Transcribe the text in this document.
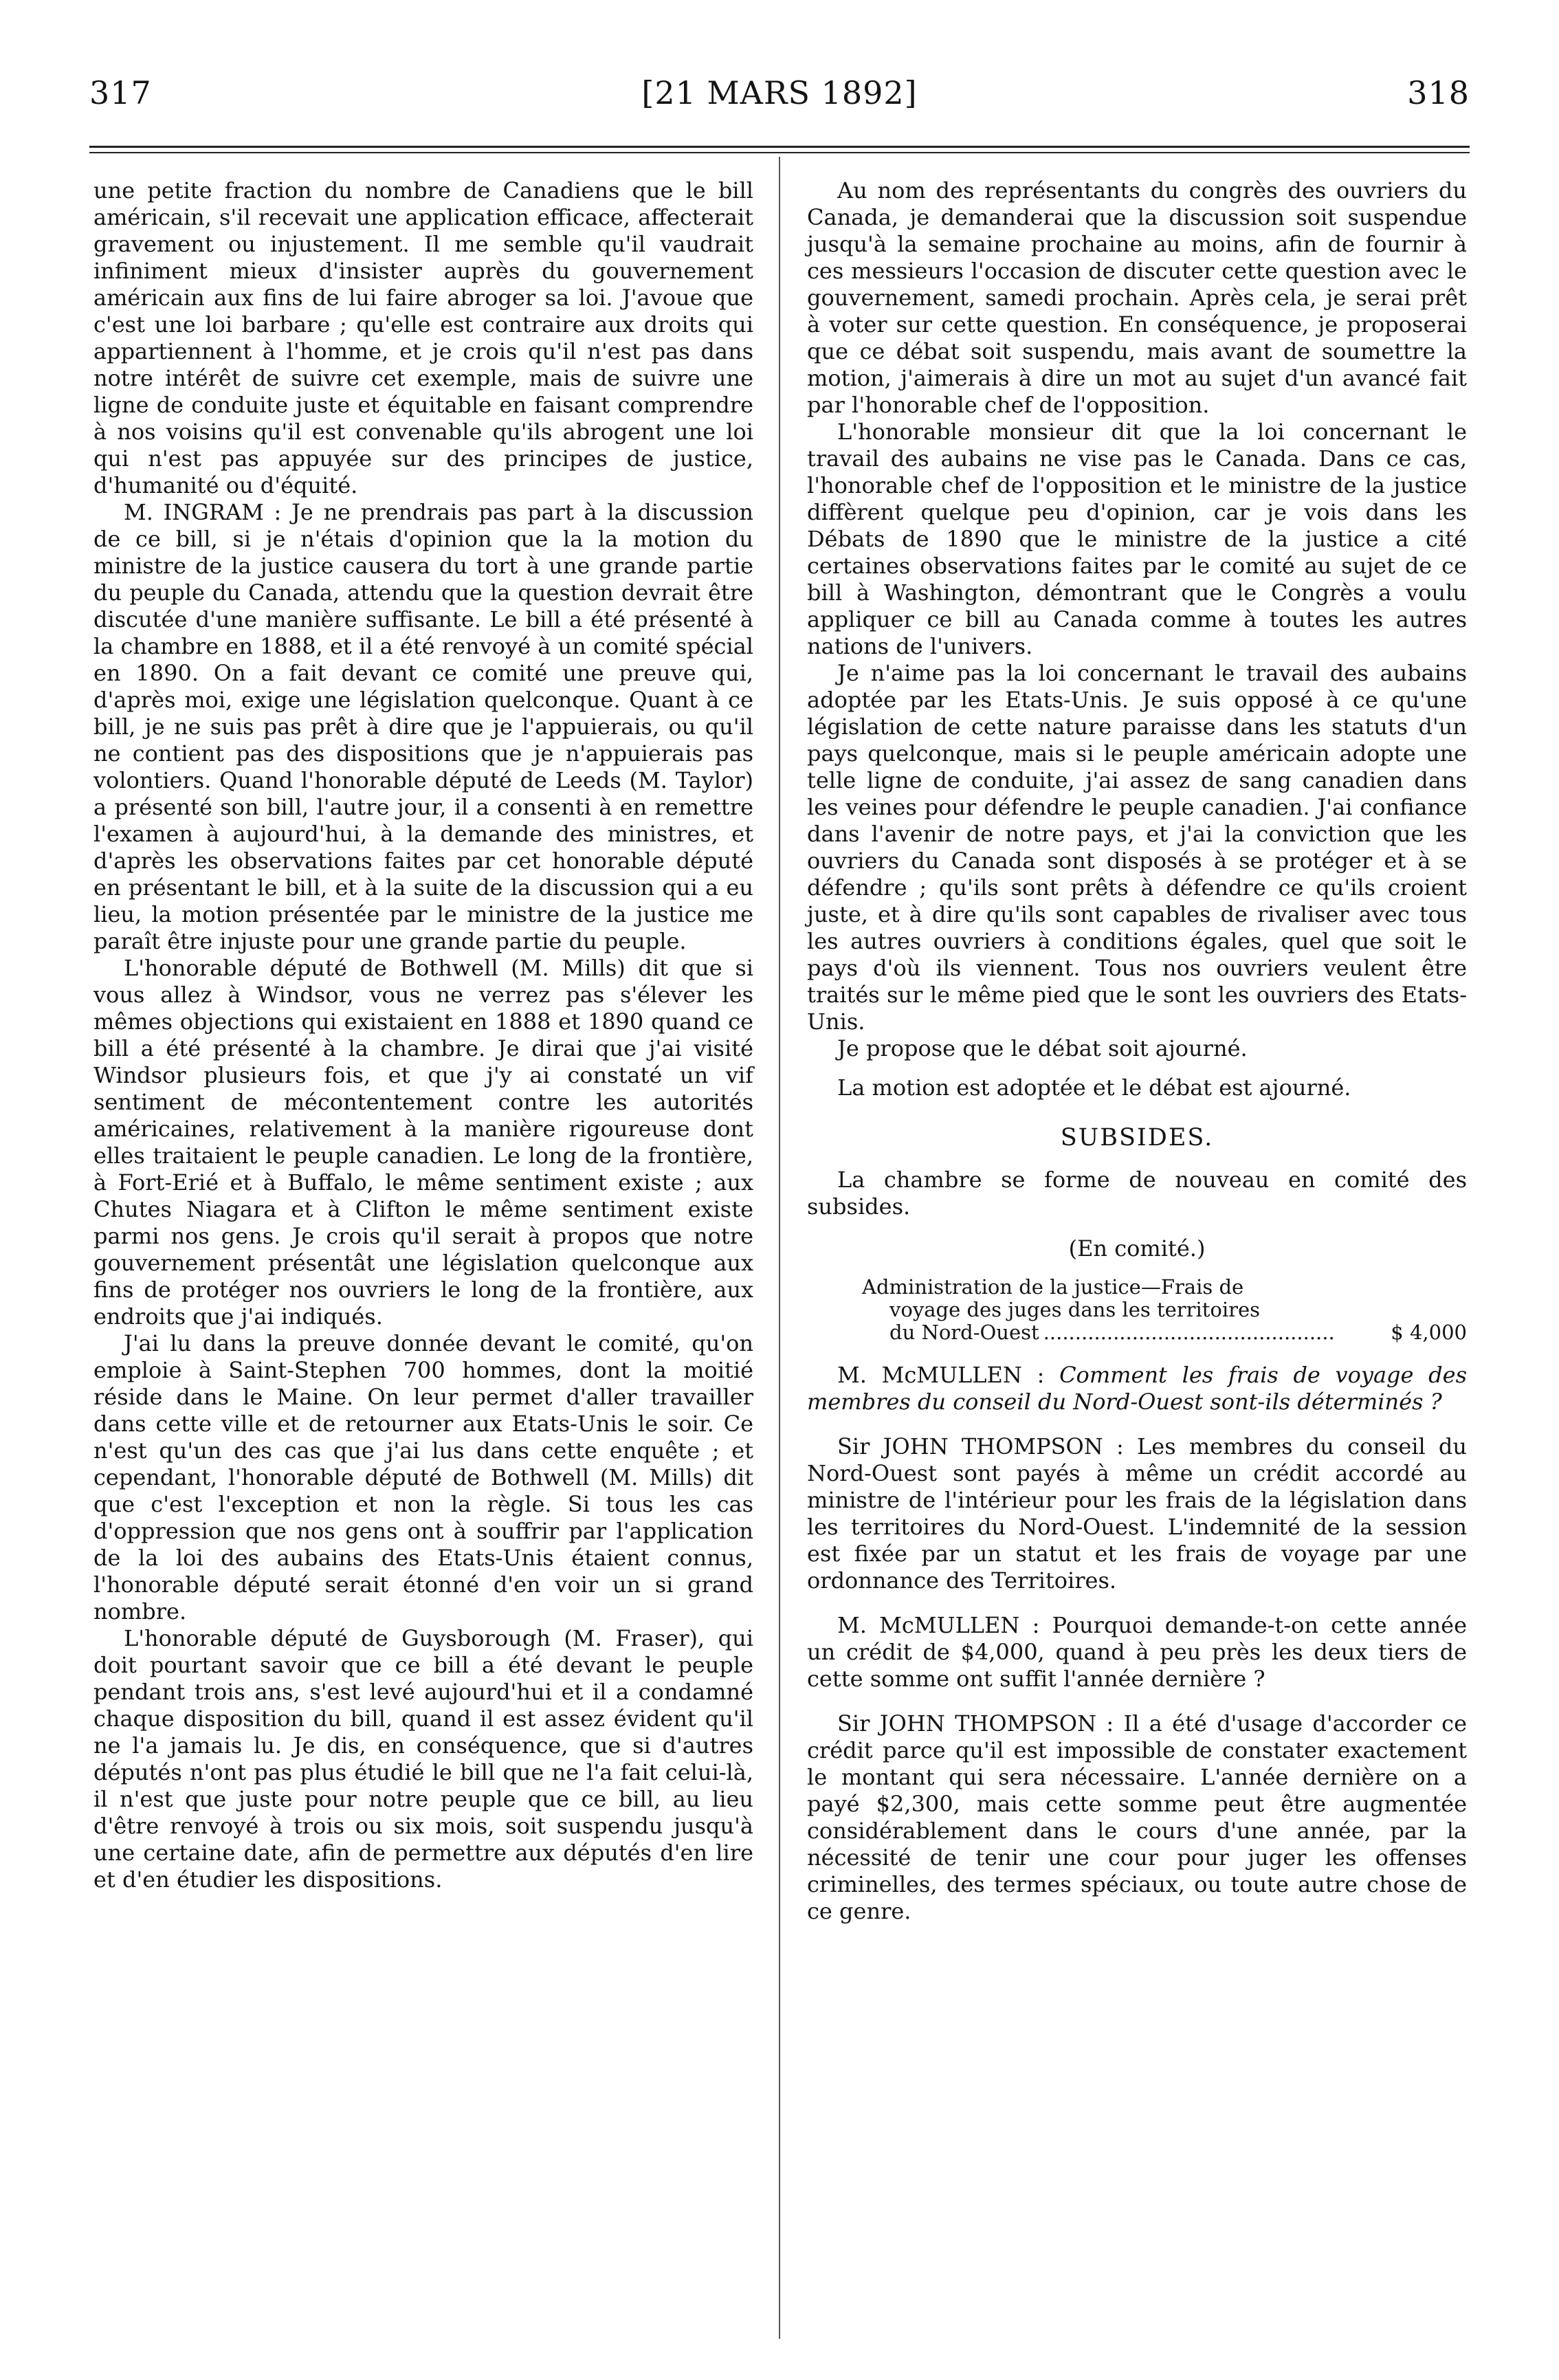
317	[21 MARS 1892]	318

une petite fraction du nombre de Canadiens que le bill américain, s'il recevait une application efficace, affecterait gravement ou injustement. Il me semble qu'il vaudrait infiniment mieux d'insister auprès du gouvernement américain aux fins de lui faire abroger sa loi. J'avoue que c'est une loi barbare ; qu'elle est contraire aux droits qui appartiennent à l'homme, et je crois qu'il n'est pas dans notre intérêt de suivre cet exemple, mais de suivre une ligne de conduite juste et équitable en faisant comprendre à nos voisins qu'il est convenable qu'ils abrogent une loi qui n'est pas appuyée sur des principes de justice, d'humanité ou d'équité.

M. INGRAM : Je ne prendrais pas part à la discussion de ce bill, si je n'étais d'opinion que la la motion du ministre de la justice causera du tort à une grande partie du peuple du Canada, attendu que la question devrait être discutée d'une manière suffisante. Le bill a été présenté à la chambre en 1888, et il a été renvoyé à un comité spécial en 1890. On a fait devant ce comité une preuve qui, d'après moi, exige une législation quelconque. Quant à ce bill, je ne suis pas prêt à dire que je l'appuierais, ou qu'il ne contient pas des dispositions que je n'appuierais pas volontiers. Quand l'honorable député de Leeds (M. Taylor) a présenté son bill, l'autre jour, il a consenti à en remettre l'examen à aujourd'hui, à la demande des ministres, et d'après les observations faites par cet honorable député en présentant le bill, et à la suite de la discussion qui a eu lieu, la motion présentée par le ministre de la justice me paraît être injuste pour une grande partie du peuple.

L'honorable député de Bothwell (M. Mills) dit que si vous allez à Windsor, vous ne verrez pas s'élever les mêmes objections qui existaient en 1888 et 1890 quand ce bill a été présenté à la chambre. Je dirai que j'ai visité Windsor plusieurs fois, et que j'y ai constaté un vif sentiment de mécontentement contre les autorités américaines, relativement à la manière rigoureuse dont elles traitaient le peuple canadien. Le long de la frontière, à Fort-Erié et à Buffalo, le même sentiment existe ; aux Chutes Niagara et à Clifton le même sentiment existe parmi nos gens. Je crois qu'il serait à propos que notre gouvernement présentât une législation quelconque aux fins de protéger nos ouvriers le long de la frontière, aux endroits que j'ai indiqués.

J'ai lu dans la preuve donnée devant le comité, qu'on emploie à Saint-Stephen 700 hommes, dont la moitié réside dans le Maine. On leur permet d'aller travailler dans cette ville et de retourner aux Etats-Unis le soir. Ce n'est qu'un des cas que j'ai lus dans cette enquête ; et cependant, l'honorable député de Bothwell (M. Mills) dit que c'est l'exception et non la règle. Si tous les cas d'oppression que nos gens ont à souffrir par l'application de la loi des aubains des Etats-Unis étaient connus, l'honorable député serait étonné d'en voir un si grand nombre.

L'honorable député de Guysborough (M. Fraser), qui doit pourtant savoir que ce bill a été devant le peuple pendant trois ans, s'est levé aujourd'hui et il a condamné chaque disposition du bill, quand il est assez évident qu'il ne l'a jamais lu. Je dis, en conséquence, que si d'autres députés n'ont pas plus étudié le bill que ne l'a fait celui-là, il n'est que juste pour notre peuple que ce bill, au lieu d'être renvoyé à trois ou six mois, soit suspendu jusqu'à une certaine date, afin de permettre aux députés d'en lire et d'en étudier les dispositions.

Au nom des représentants du congrès des ouvriers du Canada, je demanderai que la discussion soit suspendue jusqu'à la semaine prochaine au moins, afin de fournir à ces messieurs l'occasion de discuter cette question avec le gouvernement, samedi prochain. Après cela, je serai prêt à voter sur cette question. En conséquence, je proposerai que ce débat soit suspendu, mais avant de soumettre la motion, j'aimerais à dire un mot au sujet d'un avancé fait par l'honorable chef de l'opposition.

L'honorable monsieur dit que la loi concernant le travail des aubains ne vise pas le Canada. Dans ce cas, l'honorable chef de l'opposition et le ministre de la justice diffèrent quelque peu d'opinion, car je vois dans les Débats de 1890 que le ministre de la justice a cité certaines observations faites par le comité au sujet de ce bill à Washington, démontrant que le Congrès a voulu appliquer ce bill au Canada comme à toutes les autres nations de l'univers.

Je n'aime pas la loi concernant le travail des aubains adoptée par les Etats-Unis. Je suis opposé à ce qu'une législation de cette nature paraisse dans les statuts d'un pays quelconque, mais si le peuple américain adopte une telle ligne de conduite, j'ai assez de sang canadien dans les veines pour défendre le peuple canadien. J'ai confiance dans l'avenir de notre pays, et j'ai la conviction que les ouvriers du Canada sont disposés à se protéger et à se défendre ; qu'ils sont prêts à défendre ce qu'ils croient juste, et à dire qu'ils sont capables de rivaliser avec tous les autres ouvriers à conditions égales, quel que soit le pays d'où ils viennent. Tous nos ouvriers veulent être traités sur le même pied que le sont les ouvriers des Etats-Unis.

Je propose que le débat soit ajourné.

La motion est adoptée et le débat est ajourné.

SUBSIDES.

La chambre se forme de nouveau en comité des subsides.

(En comité.)

Administration de la justice—Frais de
voyage des juges dans les territoires
du Nord-Ouest ..............................................	$ 4,000

M. McMULLEN : Comment les frais de voyage des membres du conseil du Nord-Ouest sont-ils déterminés ?

Sir JOHN THOMPSON : Les membres du conseil du Nord-Ouest sont payés à même un crédit accordé au ministre de l'intérieur pour les frais de la législation dans les territoires du Nord-Ouest. L'indemnité de la session est fixée par un statut et les frais de voyage par une ordonnance des Territoires.

M. McMULLEN : Pourquoi demande-t-on cette année un crédit de $4,000, quand à peu près les deux tiers de cette somme ont suffit l'année dernière ?

Sir JOHN THOMPSON : Il a été d'usage d'accorder ce crédit parce qu'il est impossible de constater exactement le montant qui sera nécessaire. L'année dernière on a payé $2,300, mais cette somme peut être augmentée considérablement dans le cours d'une année, par la nécessité de tenir une cour pour juger les offenses criminelles, des termes spéciaux, ou toute autre chose de ce genre.
